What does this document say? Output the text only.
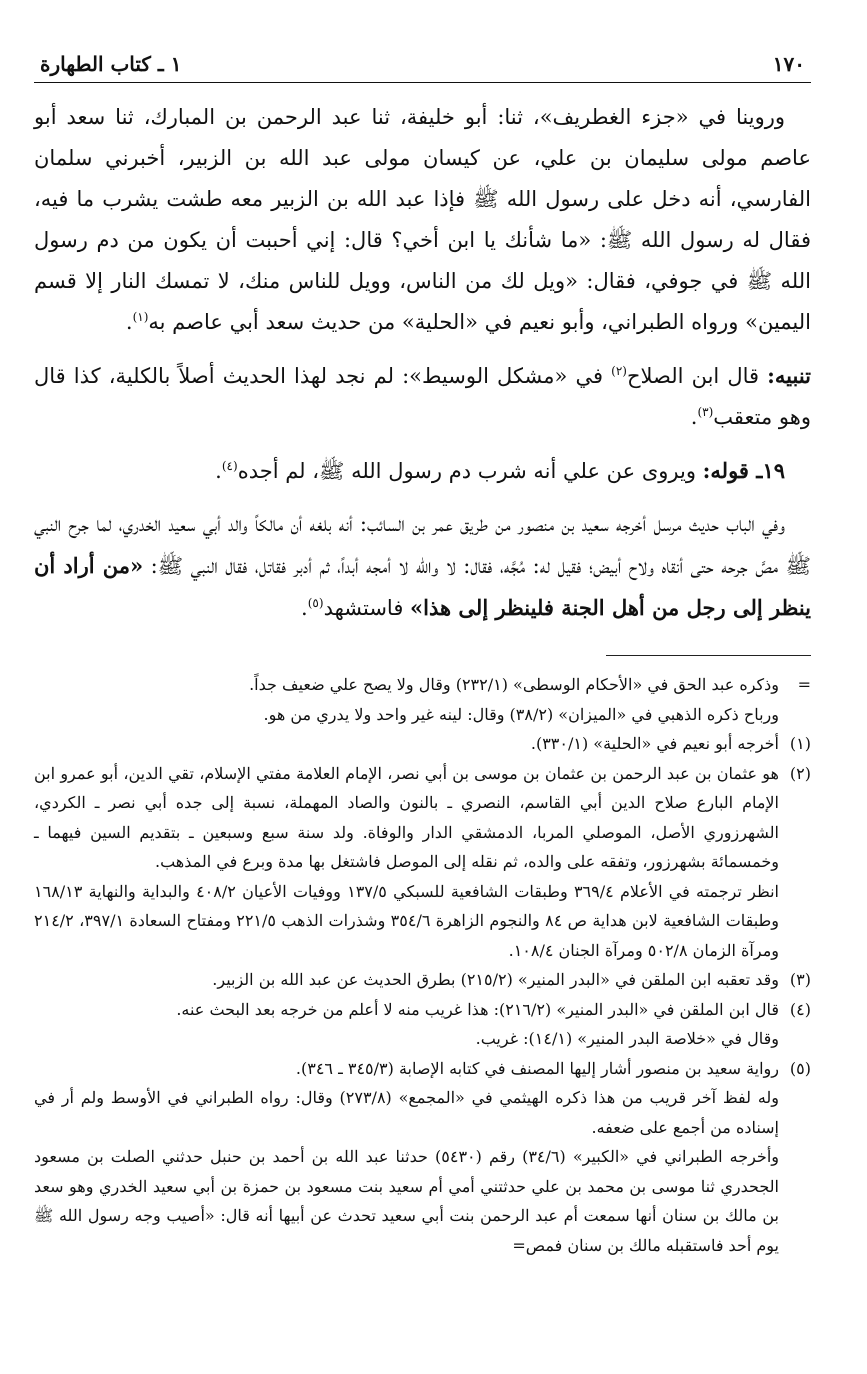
١٧٠
١ ـ كتاب الطهارة

وروينا في «جزء الغطريف»، ثنا: أبو خليفة، ثنا عبد الرحمن بن المبارك، ثنا سعد أبو عاصم مولى سليمان بن علي، عن كيسان مولى عبد الله بن الزبير، أخبرني سلمان الفارسي، أنه دخل على رسول الله ﷺ فإذا عبد الله بن الزبير معه طشت يشرب ما فيه، فقال له رسول الله ﷺ: «ما شأنك يا ابن أخي؟ قال: إني أحببت أن يكون من دم رسول الله ﷺ في جوفي، فقال: «ويل لك من الناس، وويل للناس منك، لا تمسك النار إلا قسم اليمين» ورواه الطبراني، وأبو نعيم في «الحلية» من حديث سعد أبي عاصم به$^{(١)}$.

تنبيه: قال ابن الصلاح$^{(٢)}$ في «مشكل الوسيط»: لم نجد لهذا الحديث أصلاً بالكلية، كذا قال وهو متعقب$^{(٣)}$.

١٩ـ قوله: ويروى عن علي أنه شرب دم رسول الله ﷺ، لم أجده$^{(٤)}$.

وفي الباب حديث مرسل أخرجه سعيد بن منصور من طريق عمر بن السائب: أنه بلغه أن مالكاً والد أبي سعيد الخدري، لما جرح النبي ﷺ مصَّ جرحه حتى أنقاه ولاح أبيض؛ فقيل له: مُجَّه، فقال: لا والله لا أمجه أبداً، ثم أدبر فقاتل، فقال النبي ﷺ: «من أراد أن ينظر إلى رجل من أهل الجنة فلينظر إلى هذا» فاستشهد$^{(٥)}$.

=
وذكره عبد الحق في «الأحكام الوسطى» (٢٣٢/١) وقال ولا يصح علي ضعيف جداً.
ورباح ذكره الذهبي في «الميزان» (٣٨/٢) وقال: لينه غير واحد ولا يدري من هو.
(١)
أخرجه أبو نعيم في «الحلية» (٣٣٠/١).
(٢)
هو عثمان بن عبد الرحمن بن عثمان بن موسى بن أبي نصر، الإمام العلامة مفتي الإسلام، تقي الدين، أبو عمرو ابن الإمام البارع صلاح الدين أبي القاسم، النصري ـ بالنون والصاد المهملة، نسبة إلى جده أبي نصر ـ الكردي، الشهرزوري الأصل، الموصلي المربا، الدمشقي الدار والوفاة. ولد سنة سبع وسبعين ـ بتقديم السين فيهما ـ وخمسمائة بشهرزور، وتفقه على والده، ثم نقله إلى الموصل فاشتغل بها مدة وبرع في المذهب.
انظر ترجمته في الأعلام ٣٦٩/٤ وطبقات الشافعية للسبكي ١٣٧/٥ ووفيات الأعيان ٤٠٨/٢ والبداية والنهاية ١٦٨/١٣ وطبقات الشافعية لابن هداية ص ٨٤ والنجوم الزاهرة ٣٥٤/٦ وشذرات الذهب ٢٢١/٥ ومفتاح السعادة ٣٩٧/١، ٢١٤/٢ ومرآة الزمان ٥٠٢/٨ ومرآة الجنان ١٠٨/٤.
(٣)
وقد تعقبه ابن الملقن في «البدر المنير» (٢١٥/٢) بطرق الحديث عن عبد الله بن الزبير.
(٤)
قال ابن الملقن في «البدر المنير» (٢١٦/٢): هذا غريب منه لا أعلم من خرجه بعد البحث عنه.
وقال في «خلاصة البدر المنير» (١٤/١): غريب.
(٥)
رواية سعيد بن منصور أشار إليها المصنف في كتابه الإصابة (٣٤٥/٣ ـ ٣٤٦).
وله لفظ آخر قريب من هذا ذكره الهيثمي في «المجمع» (٢٧٣/٨) وقال: رواه الطبراني في الأوسط ولم أر في إسناده من أجمع على ضعفه.
وأخرجه الطبراني في «الكبير» (٣٤/٦) رقم (٥٤٣٠) حدثنا عبد الله بن أحمد بن حنبل حدثني الصلت بن مسعود الجحدري ثنا موسى بن محمد بن علي حدثتني أمي أم سعيد بنت مسعود بن حمزة بن أبي سعيد الخدري وهو سعد بن مالك بن سنان أنها سمعت أم عبد الرحمن بنت أبي سعيد تحدث عن أبيها أنه قال: «أصيب وجه رسول الله ﷺ يوم أحد فاستقبله مالك بن سنان فمص=
